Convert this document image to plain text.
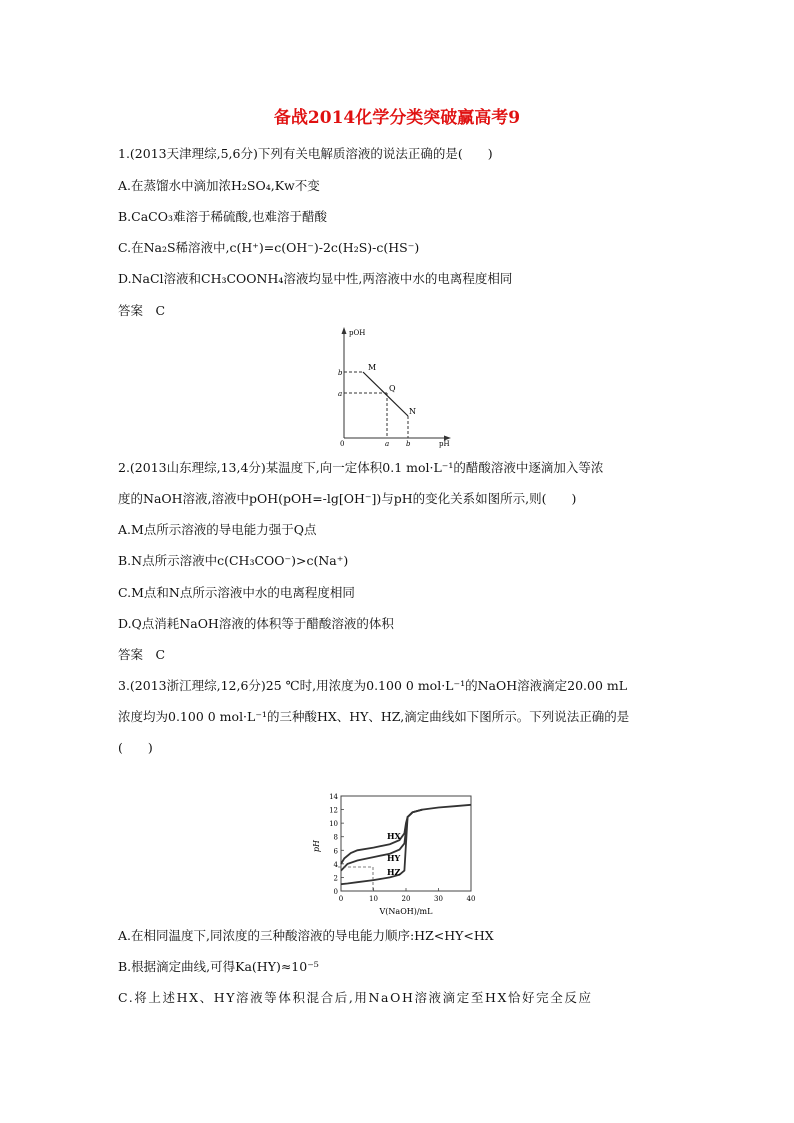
备战2014化学分类突破赢高考9
1.(2013天津理综,5,6分)下列有关电解质溶液的说法正确的是(　　)
A.在蒸馏水中滴加浓H₂SO₄,Kw不变
B.CaCO₃难溶于稀硫酸,也难溶于醋酸
C.在Na₂S稀溶液中,c(H⁺)=c(OH⁻)-2c(H₂S)-c(HS⁻)
D.NaCl溶液和CH₃COONH₄溶液均显中性,两溶液中水的电离程度相同
答案　C
M
Q
N
b
a
a b
0
pOH
pH
2.(2013山东理综,13,4分)某温度下,向一定体积0.1 mol·L⁻¹的醋酸溶液中逐滴加入等浓
度的NaOH溶液,溶液中pOH(pOH=-lg[OH⁻])与pH的变化关系如图所示,则(　　)
A.M点所示溶液的导电能力强于Q点
B.N点所示溶液中c(CH₃COO⁻)>c(Na⁺)
C.M点和N点所示溶液中水的电离程度相同
D.Q点消耗NaOH溶液的体积等于醋酸溶液的体积
答案　C
3.(2013浙江理综,12,6分)25 ℃时,用浓度为0.100 0 mol·L⁻¹的NaOH溶液滴定20.00 mL
浓度均为0.100 0 mol·L⁻¹的三种酸HX、HY、HZ,滴定曲线如下图所示。下列说法正确的是
(　　)
0
2
4
6
8
10
12
14
0	10	20	30	40
pH
V(NaOH)/mL
HX
HY
HZ
A.在相同温度下,同浓度的三种酸溶液的导电能力顺序:HZ<HY<HX
B.根据滴定曲线,可得Ka(HY)≈10⁻⁵
C.将上述HX、HY溶液等体积混合后,用NaOH溶液滴定至HX恰好完全反应
